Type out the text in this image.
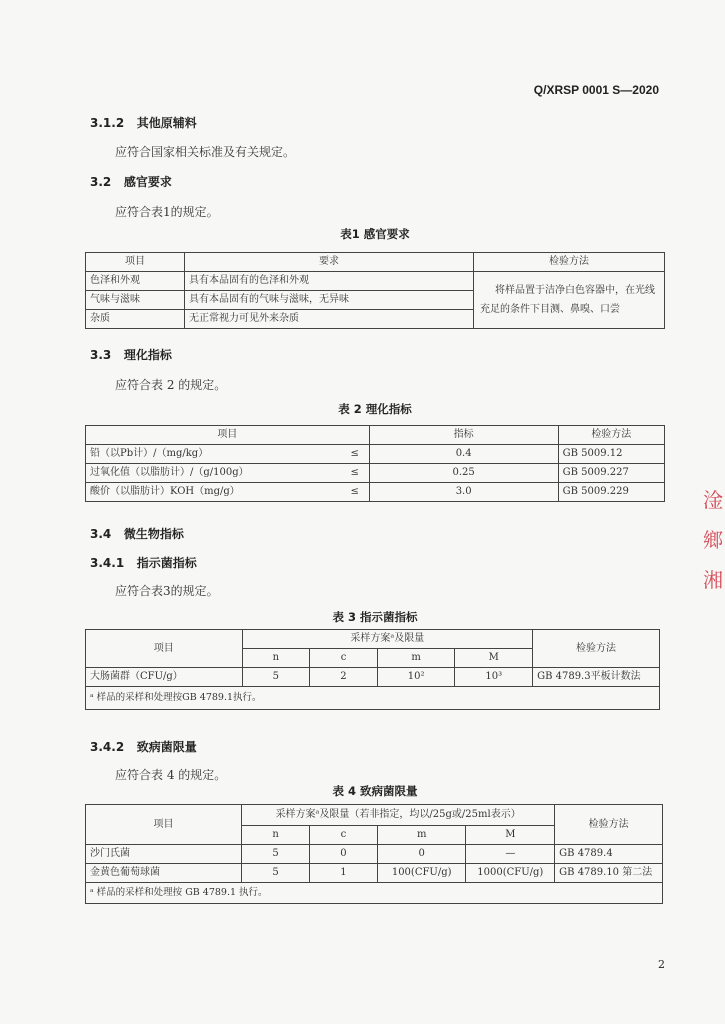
Q/XRSP 0001 S—2020
3.1.2 其他原辅料
应符合国家相关标准及有关规定。
3.2 感官要求
应符合表1的规定。
表1 感官要求
项目	要求	检验方法
色泽和外观	具有本品固有的色泽和外观	将样品置于洁净白色容器中，在光线充足的条件下目测、鼻嗅、口尝
气味与滋味	具有本品固有的气味与滋味，无异味	
杂质	无正常视力可见外来杂质	
3.3 理化指标
应符合表 2 的规定。
表 2 理化指标
项目		指标	检验方法
铅（以Pb计）/（mg/kg）	≤	0.4	GB 5009.12
过氧化值（以脂肪计）/（g/100g）	≤	0.25	GB 5009.227
酸价（以脂肪计）KOH（mg/g）	≤	3.0	GB 5009.229
3.4 微生物指标
3.4.1 指示菌指标
应符合表3的规定。
表 3 指示菌指标
项目	采样方案ᵃ及限量				检验方法
	n	c	m	M	
大肠菌群（CFU/g）	5	2	10²	10³	GB 4789.3平板计数法
ᵃ 样品的采样和处理按GB 4789.1执行。					
3.4.2 致病菌限量
应符合表 4 的规定。
表 4 致病菌限量
项目	采样方案ᵃ及限量（若非指定，均以/25g或/25ml表示）				检验方法
	n	c	m	M	
沙门氏菌	5	0	0	—	GB 4789.4
金黄色葡萄球菌	5	1	100(CFU/g)	1000(CFU/g)	GB 4789.10 第二法
ᵃ 样品的采样和处理按 GB 4789.1 执行。					
2
淦
鄉
湘
